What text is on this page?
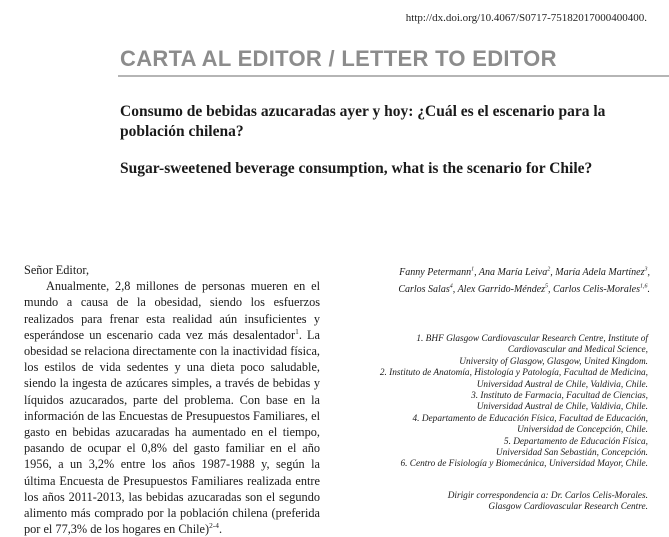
http://dx.doi.org/10.4067/S0717-75182017000400400.
CARTA AL EDITOR / LETTER TO EDITOR
Consumo de bebidas azucaradas ayer y hoy: ¿Cuál es el escenario para la población chilena?
Sugar-sweetened beverage consumption, what is the scenario for Chile?

Señor Editor,

Anualmente, 2,8 millones de personas mueren en el mundo a causa de la obesidad, siendo los esfuerzos realizados para frenar esta realidad aún insuficientes y esperándose un escenario cada vez más desalentador$^1$. La obesidad se relaciona directamente con la inactividad física, los estilos de vida sedentes y una dieta poco saludable, siendo la ingesta de azúcares simples, a través de bebidas y líquidos azucarados, parte del problema. Con base en la información de las Encuestas de Presupuestos Familiares, el gasto en bebidas azucaradas ha aumentado en el tiempo, pasando de ocupar el 0,8% del gasto familiar en el año 1956, a un 3,2% entre los años 1987-1988 y, según la última Encuesta de Presupuestos Familiares realizada entre los años 2011-2013, las bebidas azucaradas son el segundo alimento más comprado por la población chilena (preferida por el 77,3% de los hogares en Chile)$^{2-4}$.

Fanny Petermann$^1$, Ana María Leiva$^2$, María Adela Martínez$^3$,
Carlos Salas$^4$, Alex Garrido-Méndez$^5$, Carlos Celis-Morales$^{1,6}$.

1. BHF Glasgow Cardiovascular Research Centre, Institute of

Cardiovascular and Medical Science,

University of Glasgow, Glasgow, United Kingdom.

2. Instituto de Anatomía, Histología y Patología, Facultad de Medicina,

Universidad Austral de Chile, Valdivia, Chile.

3. Instituto de Farmacia, Facultad de Ciencias,

Universidad Austral de Chile, Valdivia, Chile.

4. Departamento de Educación Física, Facultad de Educación,

Universidad de Concepción, Chile.

5. Departamento de Educación Física,

Universidad San Sebastián, Concepción.

6. Centro de Fisiología y Biomecánica, Universidad Mayor, Chile.

Dirigir correspondencia a: Dr. Carlos Celis-Morales.

Glasgow Cardiovascular Research Centre.
